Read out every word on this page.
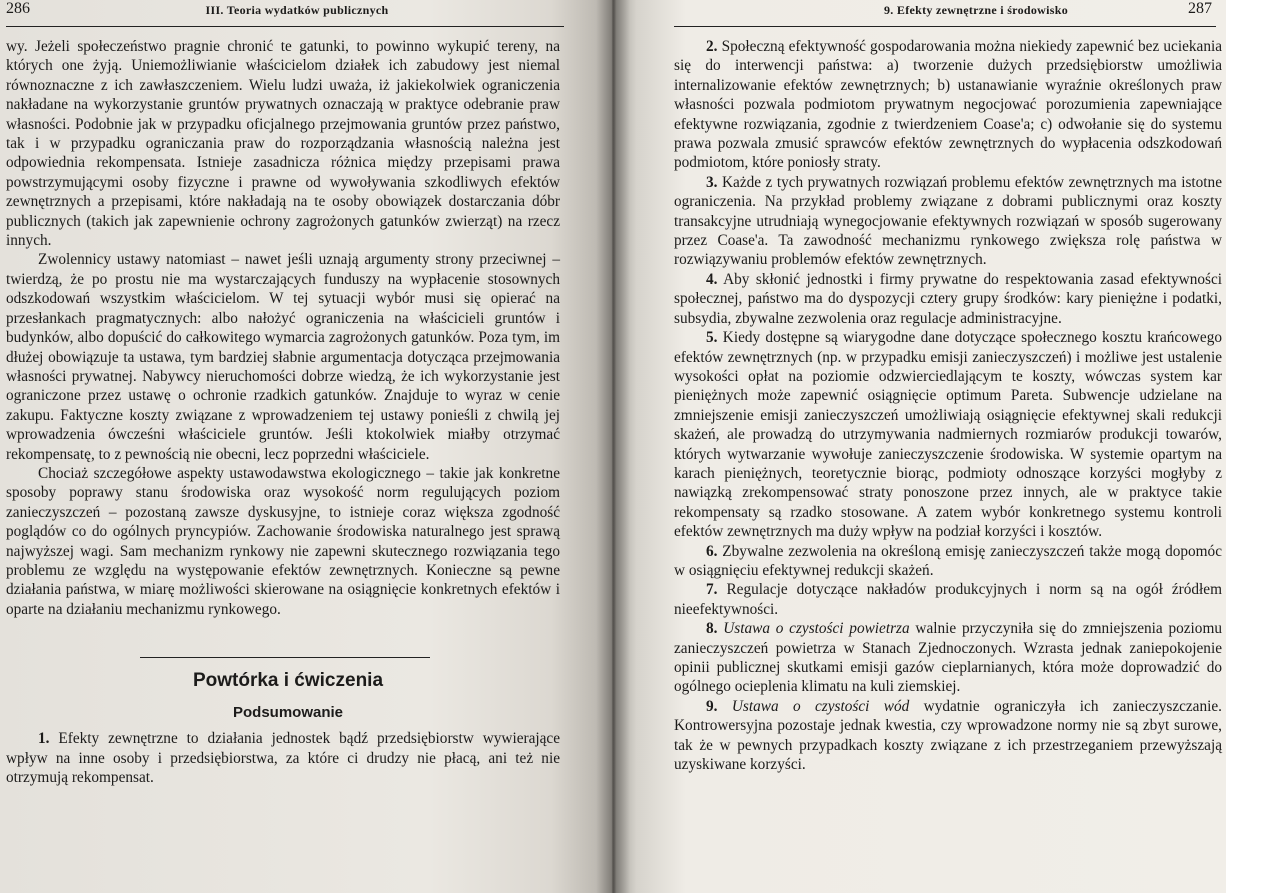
286	III. Teoria wydatków publicznych

wy. Jeżeli społeczeństwo pragnie chronić te gatunki, to powinno wykupić tereny, na których one żyją. Uniemożliwianie właścicielom działek ich zabudowy jest niemal równoznaczne z ich zawłaszczeniem. Wielu ludzi uważa, iż jakiekolwiek ograniczenia nakładane na wykorzystanie gruntów prywatnych oznaczają w praktyce odebranie praw własności. Podobnie jak w przypadku oficjalnego przejmowania gruntów przez państwo, tak i w przypadku ograniczania praw do rozporządzania własnością należna jest odpowiednia rekompensata. Istnieje zasadnicza różnica między przepisami prawa powstrzymującymi osoby fizyczne i prawne od wywoływania szkodliwych efektów zewnętrznych a przepisami, które nakładają na te osoby obowiązek dostarczania dóbr publicznych (takich jak zapewnienie ochrony zagrożonych gatunków zwierząt) na rzecz innych.

Zwolennicy ustawy natomiast – nawet jeśli uznają argumenty strony przeciwnej – twierdzą, że po prostu nie ma wystarczających funduszy na wypłacenie stosownych odszkodowań wszystkim właścicielom. W tej sytuacji wybór musi się opierać na przesłankach pragmatycznych: albo nałożyć ograniczenia na właścicieli gruntów i budynków, albo dopuścić do całkowitego wymarcia zagrożonych gatunków. Poza tym, im dłużej obowiązuje ta ustawa, tym bardziej słabnie argumentacja dotycząca przejmowania własności prywatnej. Nabywcy nieruchomości dobrze wiedzą, że ich wykorzystanie jest ograniczone przez ustawę o ochronie rzadkich gatunków. Znajduje to wyraz w cenie zakupu. Faktyczne koszty związane z wprowadzeniem tej ustawy ponieśli z chwilą jej wprowadzenia ówcześni właściciele gruntów. Jeśli ktokolwiek miałby otrzymać rekompensatę, to z pewnością nie obecni, lecz poprzedni właściciele.

Chociaż szczegółowe aspekty ustawodawstwa ekologicznego – takie jak konkretne sposoby poprawy stanu środowiska oraz wysokość norm regulujących poziom zanieczyszczeń – pozostaną zawsze dyskusyjne, to istnieje coraz większa zgodność poglądów co do ogólnych pryncypiów. Zachowanie środowiska naturalnego jest sprawą najwyższej wagi. Sam mechanizm rynkowy nie zapewni skutecznego rozwiązania tego problemu ze względu na występowanie efektów zewnętrznych. Konieczne są pewne działania państwa, w miarę możliwości skierowane na osiągnięcie konkretnych efektów i oparte na działaniu mechanizmu rynkowego.

Powtórka i ćwiczenia
Podsumowanie

1. Efekty zewnętrzne to działania jednostek bądź przedsiębiorstw wywierające wpływ na inne osoby i przedsiębiorstwa, za które ci drudzy nie płacą, ani też nie otrzymują rekompensat.

9. Efekty zewnętrzne i środowisko	287

2. Społeczną efektywność gospodarowania można niekiedy zapewnić bez uciekania się do interwencji państwa: a) tworzenie dużych przedsiębiorstw umożliwia internalizowanie efektów zewnętrznych; b) ustanawianie wyraźnie określonych praw własności pozwala podmiotom prywatnym negocjować porozumienia zapewniające efektywne rozwiązania, zgodnie z twierdzeniem Coase'a; c) odwołanie się do systemu prawa pozwala zmusić sprawców efektów zewnętrznych do wypłacenia odszkodowań podmiotom, które poniosły straty.

3. Każde z tych prywatnych rozwiązań problemu efektów zewnętrznych ma istotne ograniczenia. Na przykład problemy związane z dobrami publicznymi oraz koszty transakcyjne utrudniają wynegocjowanie efektywnych rozwiązań w sposób sugerowany przez Coase'a. Ta zawodność mechanizmu rynkowego zwiększa rolę państwa w rozwiązywaniu problemów efektów zewnętrznych.

4. Aby skłonić jednostki i firmy prywatne do respektowania zasad efektywności społecznej, państwo ma do dyspozycji cztery grupy środków: kary pieniężne i podatki, subsydia, zbywalne zezwolenia oraz regulacje administracyjne.

5. Kiedy dostępne są wiarygodne dane dotyczące społecznego kosztu krańcowego efektów zewnętrznych (np. w przypadku emisji zanieczyszczeń) i możliwe jest ustalenie wysokości opłat na poziomie odzwierciedlającym te koszty, wówczas system kar pieniężnych może zapewnić osiągnięcie optimum Pareta. Subwencje udzielane na zmniejszenie emisji zanieczyszczeń umożliwiają osiągnięcie efektywnej skali redukcji skażeń, ale prowadzą do utrzymywania nadmiernych rozmiarów produkcji towarów, których wytwarzanie wywołuje zanieczyszczenie środowiska. W systemie opartym na karach pieniężnych, teoretycznie biorąc, podmioty odnoszące korzyści mogłyby z nawiązką zrekompensować straty ponoszone przez innych, ale w praktyce takie rekompensaty są rzadko stosowane. A zatem wybór konkretnego systemu kontroli efektów zewnętrznych ma duży wpływ na podział korzyści i kosztów.

6. Zbywalne zezwolenia na określoną emisję zanieczyszczeń także mogą dopomóc w osiągnięciu efektywnej redukcji skażeń.

7. Regulacje dotyczące nakładów produkcyjnych i norm są na ogół źródłem nieefektywności.

8. Ustawa o czystości powietrza walnie przyczyniła się do zmniejszenia poziomu zanieczyszczeń powietrza w Stanach Zjednoczonych. Wzrasta jednak zaniepokojenie opinii publicznej skutkami emisji gazów cieplarnianych, która może doprowadzić do ogólnego ocieplenia klimatu na kuli ziemskiej.

9. Ustawa o czystości wód wydatnie ograniczyła ich zanieczyszczanie. Kontrowersyjna pozostaje jednak kwestia, czy wprowadzone normy nie są zbyt surowe, tak że w pewnych przypadkach koszty związane z ich przestrzeganiem przewyższają uzyskiwane korzyści.
